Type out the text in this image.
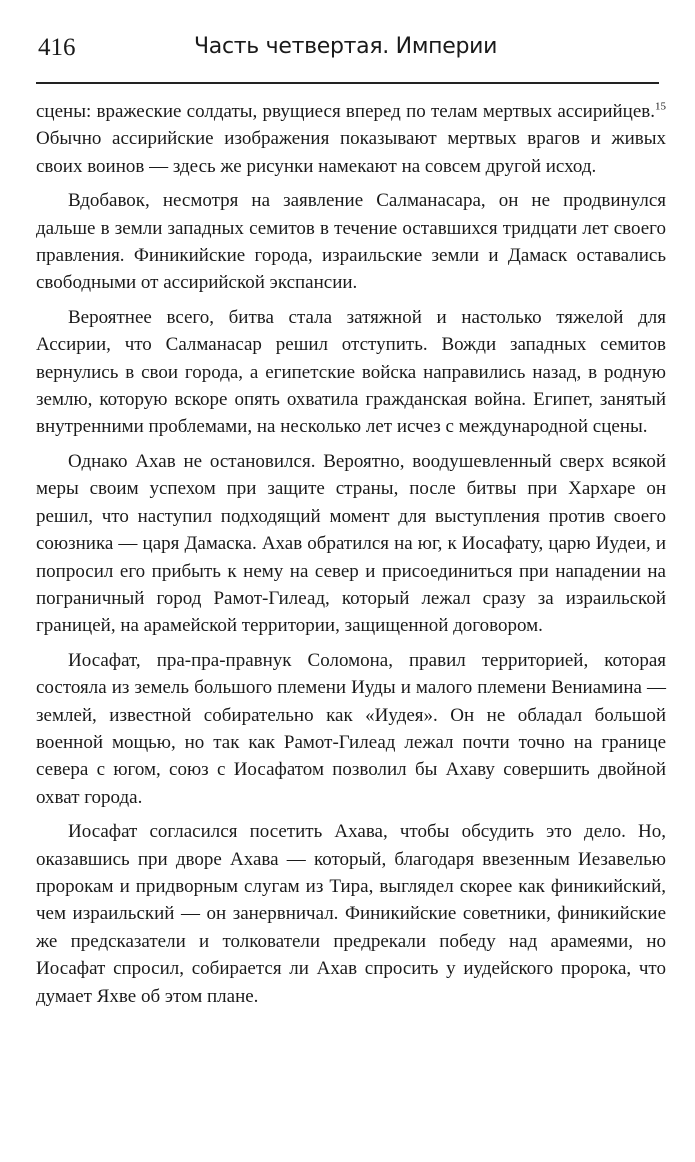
416	Часть четвертая. Империи

сцены: вражеские солдаты, рвущиеся вперед по телам мертвых ассирийцев.$^{15}$ Обычно ассирийские изображения показывают мертвых врагов и живых своих воинов — здесь же рисунки намекают на совсем другой исход.

Вдобавок, несмотря на заявление Салманасара, он не продвинулся дальше в земли западных семитов в течение оставшихся тридцати лет своего правления. Финикийские города, израильские земли и Дамаск оставались свободными от ассирийской экспансии.

Вероятнее всего, битва стала затяжной и настолько тяжелой для Ассирии, что Салманасар решил отступить. Вожди западных семитов вернулись в свои города, а египетские войска направились назад, в родную землю, которую вскоре опять охватила гражданская война. Египет, занятый внутренними проблемами, на несколько лет исчез с международной сцены.

Однако Ахав не остановился. Вероятно, воодушевленный сверх всякой меры своим успехом при защите страны, после битвы при Xархаре он решил, что наступил подходящий момент для выступления против своего союзника — царя Дамаска. Ахав обратился на юг, к Иосафату, царю Иудеи, и попросил его прибыть к нему на север и присоединиться при нападении на пограничный город Рамот-Гилеад, который лежал сразу за израильской границей, на арамейской территории, защищенной договором.

Иосафат, пра-пра-правнук Соломона, правил территорией, которая состояла из земель большого племени Иуды и малого племени Вениамина — землей, известной собирательно как «Иудея». Он не обладал большой военной мощью, но так как Рамот-Гилеад лежал почти точно на границе севера с югом, союз с Иосафатом позволил бы Ахаву совершить двойной охват города.

Иосафат согласился посетить Ахава, чтобы обсудить это дело. Но, оказавшись при дворе Ахава — который, благодаря ввезенным Иезавелью пророкам и придворным слугам из Тира, выглядел скорее как финикийский, чем израильский — он занервничал. Финикийские советники, финикийские же предсказатели и толкователи предрекали победу над арамеями, но Иосафат спросил, собирается ли Ахав спросить у иудейского пророка, что думает Яхве об этом плане.
